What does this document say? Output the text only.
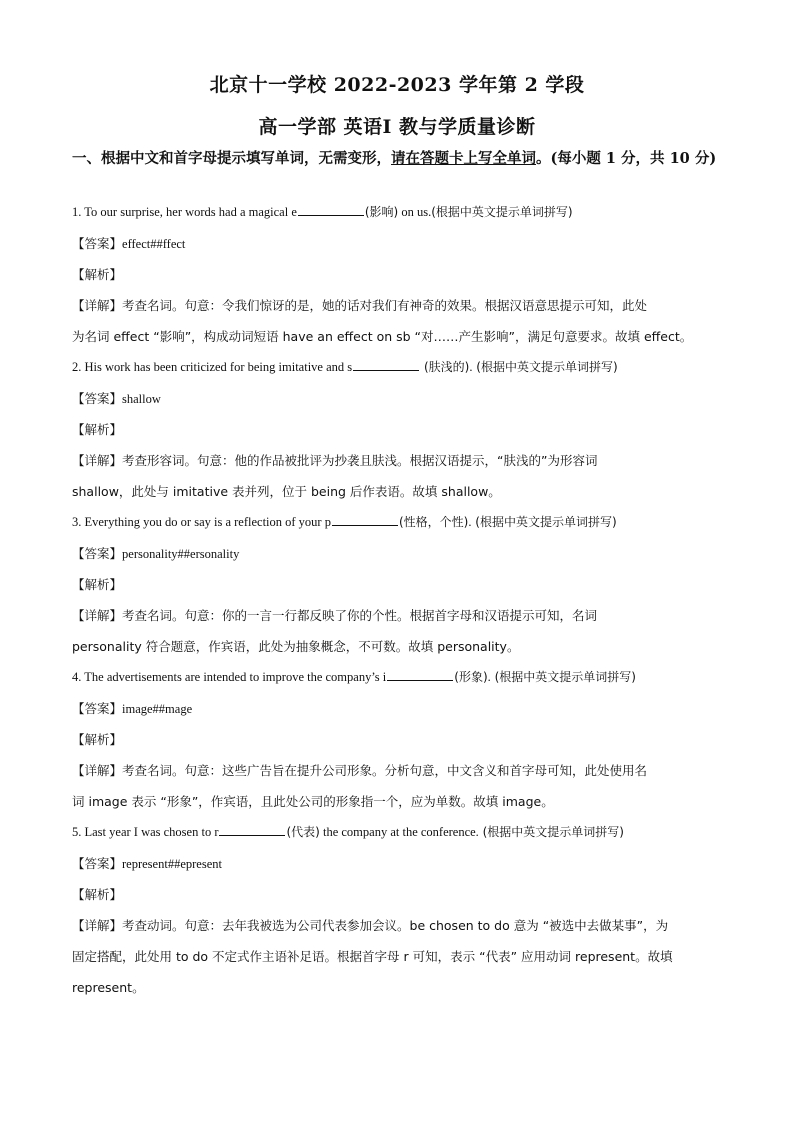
北京十一学校 2022-2023 学年第 2 学段
高一学部 英语Ⅰ 教与学质量诊断
一、根据中文和首字母提示填写单词，无需变形，请在答题卡上写全单词。(每小题 1 分，共 10 分)
1. To our surprise, her words had a magical e	(影响) on us.(根据中英文提示单词拼写)
【答案】effect##ffect
【解析】
【详解】考查名词。句意：令我们惊讶的是，她的话对我们有神奇的效果。根据汉语意思提示可知，此处
为名词 effect “影响”，构成动词短语 have an effect on sb “对……产生影响”，满足句意要求。故填 effect。
2. His work has been criticized for being imitative and s	(肤浅的). (根据中英文提示单词拼写)
【答案】shallow
【解析】
【详解】考查形容词。句意：他的作品被批评为抄袭且肤浅。根据汉语提示，“肤浅的”为形容词
shallow，此处与 imitative 表并列，位于 being 后作表语。故填 shallow。
3. Everything you do or say is a reflection of your p	(性格，个性). (根据中英文提示单词拼写)
【答案】personality##ersonality
【解析】
【详解】考查名词。句意：你的一言一行都反映了你的个性。根据首字母和汉语提示可知，名词
personality 符合题意，作宾语，此处为抽象概念，不可数。故填 personality。
4. The advertisements are intended to improve the company’s i	(形象). (根据中英文提示单词拼写)
【答案】image##mage
【解析】
【详解】考查名词。句意：这些广告旨在提升公司形象。分析句意，中文含义和首字母可知，此处使用名
词 image 表示 “形象”，作宾语，且此处公司的形象指一个，应为单数。故填 image。
5. Last year I was chosen to r	(代表) the company at the conference. (根据中英文提示单词拼写)
【答案】represent##epresent
【解析】
【详解】考查动词。句意：去年我被选为公司代表参加会议。be chosen to do 意为 “被选中去做某事”，为
固定搭配，此处用 to do 不定式作主语补足语。根据首字母 r 可知，表示 “代表” 应用动词 represent。故填
represent。
